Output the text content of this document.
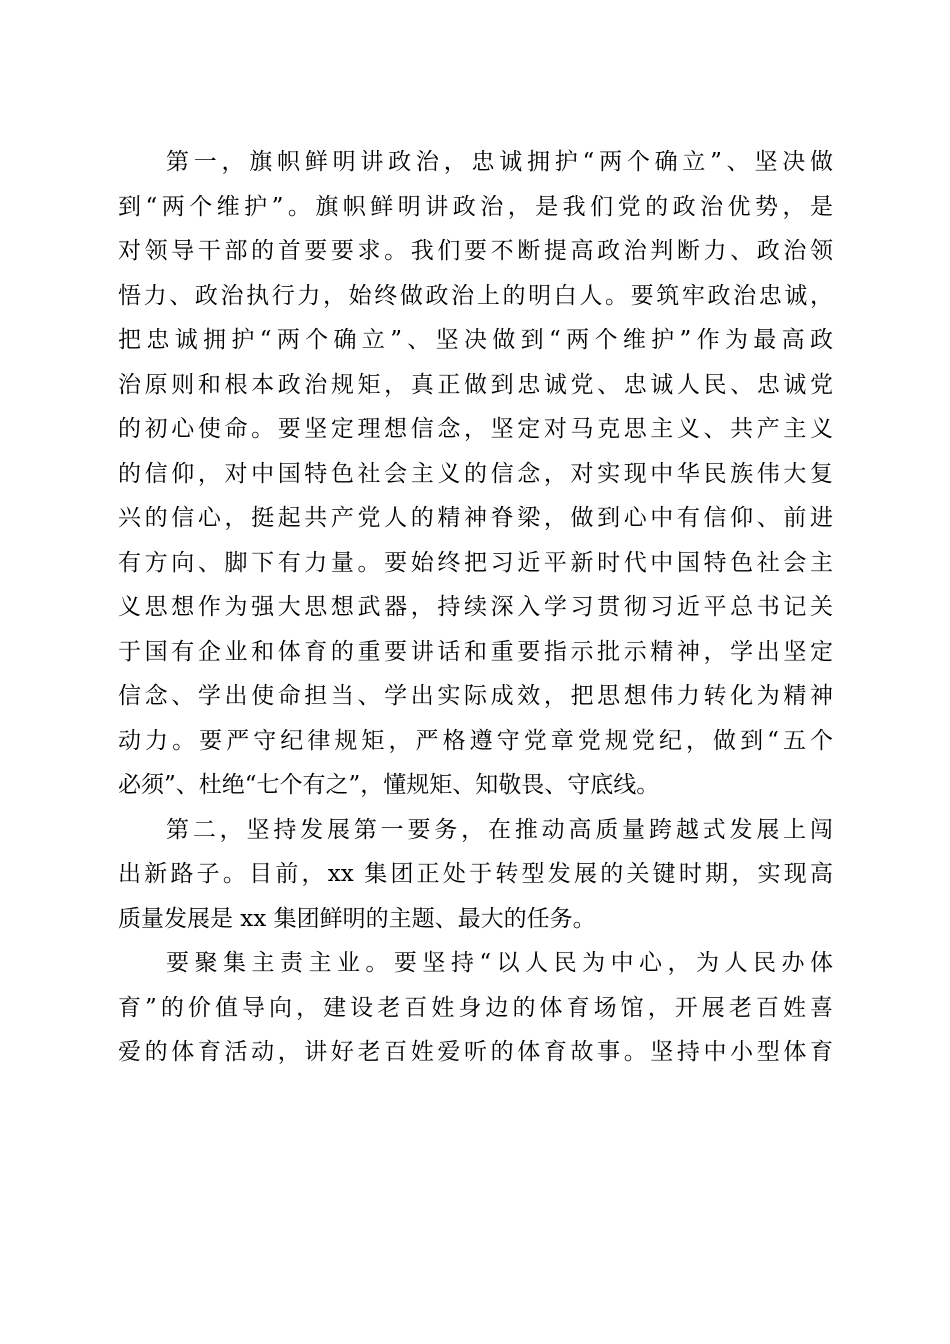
第一，旗帜鲜明讲政治，忠诚拥护“两个确立”、坚决做
到“两个维护”。旗帜鲜明讲政治，是我们党的政治优势，是
对领导干部的首要要求。我们要不断提高政治判断力、政治领
悟力、政治执行力，始终做政治上的明白人。要筑牢政治忠诚，
把忠诚拥护“两个确立”、坚决做到“两个维护”作为最高政
治原则和根本政治规矩，真正做到忠诚党、忠诚人民、忠诚党
的初心使命。要坚定理想信念，坚定对马克思主义、共产主义
的信仰，对中国特色社会主义的信念，对实现中华民族伟大复
兴的信心，挺起共产党人的精神脊梁，做到心中有信仰、前进
有方向、脚下有力量。要始终把习近平新时代中国特色社会主
义思想作为强大思想武器，持续深入学习贯彻习近平总书记关
于国有企业和体育的重要讲话和重要指示批示精神，学出坚定
信念、学出使命担当、学出实际成效，把思想伟力转化为精神
动力。要严守纪律规矩，严格遵守党章党规党纪，做到“五个
必须”、杜绝“七个有之”，懂规矩、知敬畏、守底线。
第二，坚持发展第一要务，在推动高质量跨越式发展上闯
出新路子。目前，xx 集团正处于转型发展的关键时期，实现高
质量发展是 xx 集团鲜明的主题、最大的任务。
要聚集主责主业。要坚持“以人民为中心，为人民办体
育”的价值导向，建设老百姓身边的体育场馆，开展老百姓喜
爱的体育活动，讲好老百姓爱听的体育故事。坚持中小型体育
